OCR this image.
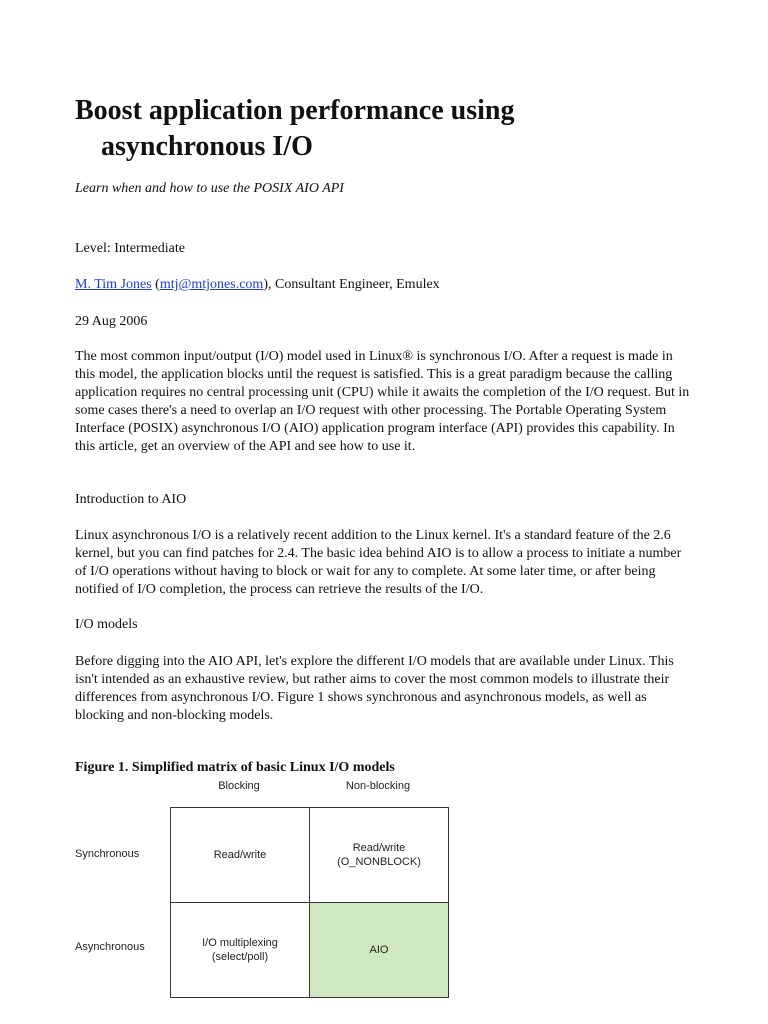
Boost application performance using
asynchronous I/O

Learn when and how to use the POSIX AIO API

Level: Intermediate

M. Tim Jones (mtj@mtjones.com), Consultant Engineer, Emulex

29 Aug 2006

The most common input/output (I/O) model used in Linux® is synchronous I/O. After a request is made in this model, the application blocks until the request is satisfied. This is a great paradigm because the calling application requires no central processing unit (CPU) while it awaits the completion of the I/O request. But in some cases there's a need to overlap an I/O request with other processing. The Portable Operating System Interface (POSIX) asynchronous I/O (AIO) application program interface (API) provides this capability. In this article, get an overview of the API and see how to use it.

Introduction to AIO

Linux asynchronous I/O is a relatively recent addition to the Linux kernel. It's a standard feature of the 2.6 kernel, but you can find patches for 2.4. The basic idea behind AIO is to allow a process to initiate a number of I/O operations without having to block or wait for any to complete. At some later time, or after being notified of I/O completion, the process can retrieve the results of the I/O.

I/O models

Before digging into the AIO API, let's explore the different I/O models that are available under Linux. This isn't intended as an exhaustive review, but rather aims to cover the most common models to illustrate their differences from asynchronous I/O. Figure 1 shows synchronous and asynchronous models, as well as blocking and non-blocking models.

Figure 1. Simplified matrix of basic Linux I/O models

Blocking	Non-blocking
Synchronous
Asynchronous
Read/write
Read/write
(O_NONBLOCK)
I/O multiplexing
(select/poll)
AIO
